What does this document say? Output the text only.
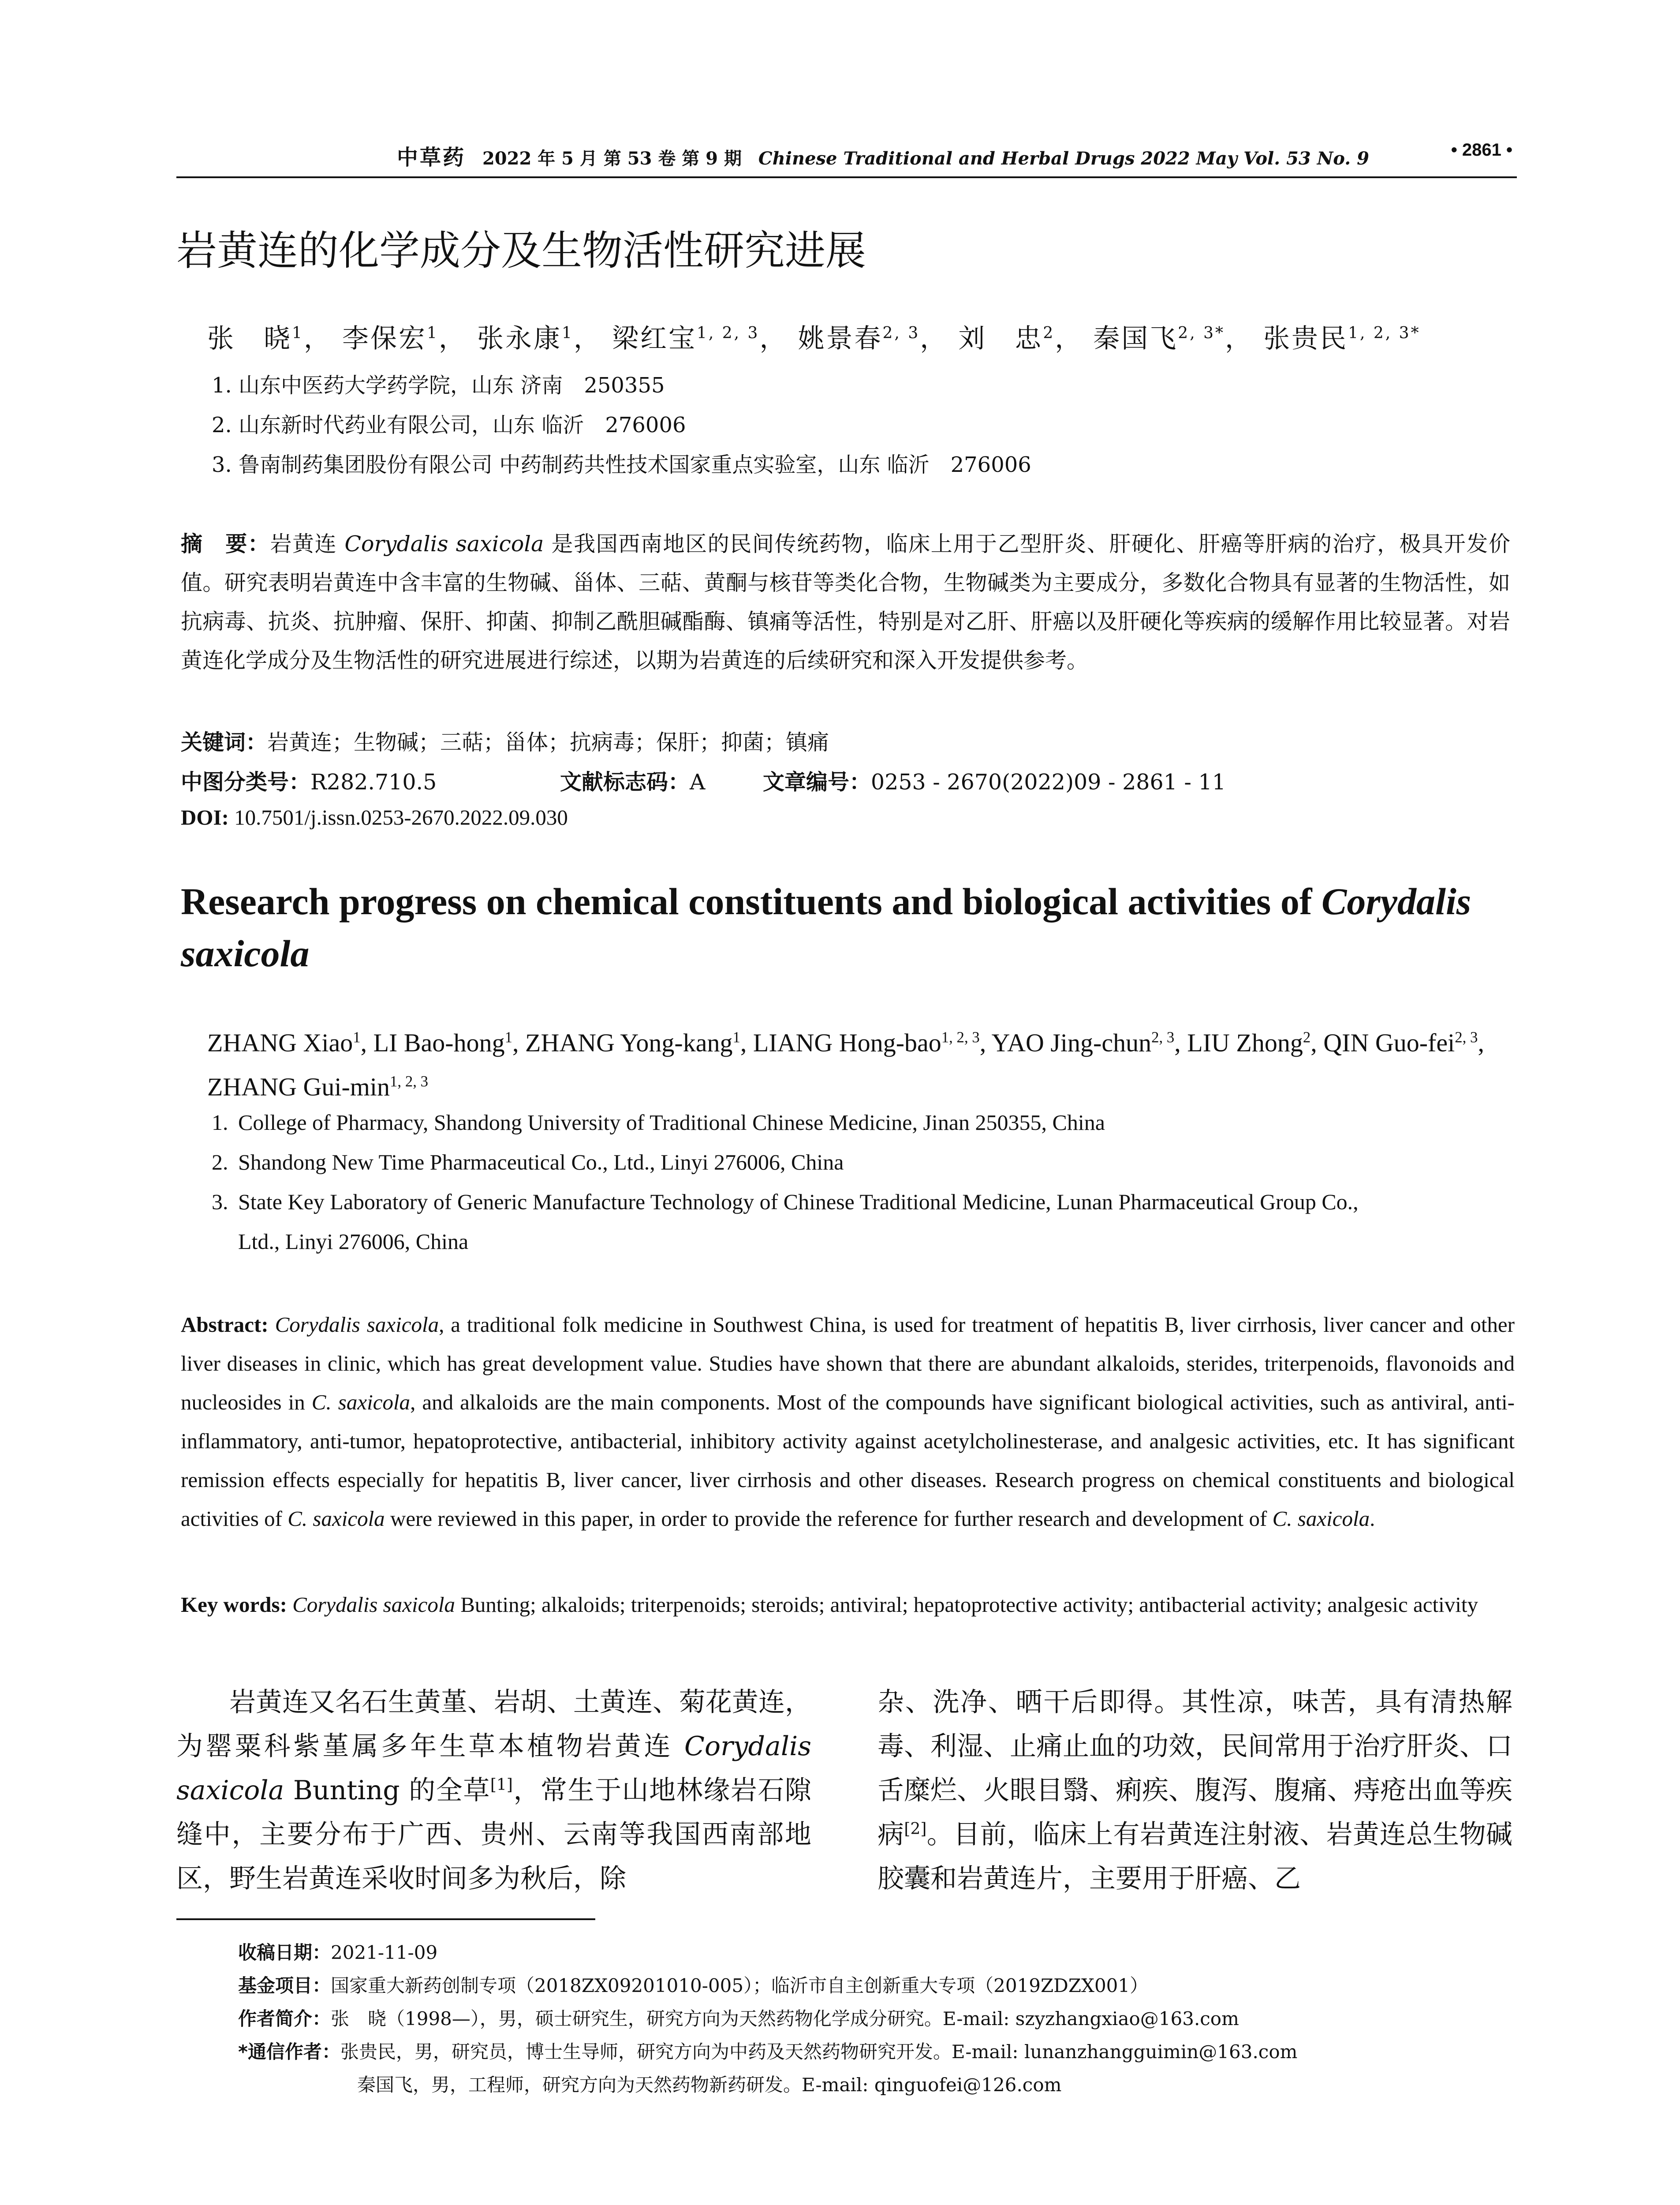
中草药 2022 年 5 月 第 53 卷 第 9 期 Chinese Traditional and Herbal Drugs 2022 May Vol. 53 No. 9	• 2861 •
岩黄连的化学成分及生物活性研究进展
张　晓$^1$， 李保宏$^1$， 张永康$^1$， 梁红宝$^{1, 2, 3}$， 姚景春$^{2, 3}$， 刘　忠$^2$， 秦国飞$^{2, 3*}$， 张贵民$^{1, 2, 3*}$
1. 山东中医药大学药学院，山东 济南　250355
2. 山东新时代药业有限公司，山东 临沂　276006
3. 鲁南制药集团股份有限公司 中药制药共性技术国家重点实验室，山东 临沂　276006
摘　要：岩黄连 Corydalis saxicola 是我国西南地区的民间传统药物，临床上用于乙型肝炎、肝硬化、肝癌等肝病的治疗，极具开发价值。研究表明岩黄连中含丰富的生物碱、甾体、三萜、黄酮与核苷等类化合物，生物碱类为主要成分，多数化合物具有显著的生物活性，如抗病毒、抗炎、抗肿瘤、保肝、抑菌、抑制乙酰胆碱酯酶、镇痛等活性，特别是对乙肝、肝癌以及肝硬化等疾病的缓解作用比较显著。对岩黄连化学成分及生物活性的研究进展进行综述，以期为岩黄连的后续研究和深入开发提供参考。
关键词：岩黄连；生物碱；三萜；甾体；抗病毒；保肝；抑菌；镇痛
中图分类号：R282.710.5	文献标志码：A	文章编号：0253 - 2670(2022)09 - 2861 - 11
DOI: 10.7501/j.issn.0253-2670.2022.09.030
Research progress on chemical constituents and biological activities of Corydalis saxicola
ZHANG Xiao$^1$, LI Bao-hong$^1$, ZHANG Yong-kang$^1$, LIANG Hong-bao$^{1, 2, 3}$, YAO Jing-chun$^{2, 3}$, LIU Zhong$^2$, QIN Guo-fei$^{2, 3}$, ZHANG Gui-$\min^{1, 2, 3}$
1. College of Pharmacy, Shandong University of Traditional Chinese Medicine, Jinan 250355, China
2. Shandong New Time Pharmaceutical Co., Ltd., Linyi 276006, China
3. State Key Laboratory of Generic Manufacture Technology of Chinese Traditional Medicine, Lunan Pharmaceutical Group Co.,
Ltd., Linyi 276006, China
Abstract: Corydalis saxicola, a traditional folk medicine in Southwest China, is used for treatment of hepatitis B, liver cirrhosis, liver cancer and other liver diseases in clinic, which has great development value. Studies have shown that there are abundant alkaloids, sterides, triterpenoids, flavonoids and nucleosides in C. saxicola, and alkaloids are the main components. Most of the compounds have significant biological activities, such as antiviral, anti-inflammatory, anti-tumor, hepatoprotective, antibacterial, inhibitory activity against acetylcholinesterase, and analgesic activities, etc. It has significant remission effects especially for hepatitis B, liver cancer, liver cirrhosis and other diseases. Research progress on chemical constituents and biological activities of C. saxicola were reviewed in this paper, in order to provide the reference for further research and development of C. saxicola.
Key words: Corydalis saxicola Bunting; alkaloids; triterpenoids; steroids; antiviral; hepatoprotective activity; antibacterial activity; analgesic activity

岩黄连又名石生黄堇、岩胡、土黄连、菊花黄连，为罂粟科紫堇属多年生草本植物岩黄连 Corydalis saxicola Bunting 的全草[1]，常生于山地林缘岩石隙缝中，主要分布于广西、贵州、云南等我国西南部地区，野生岩黄连采收时间多为秋后，除

杂、洗净、晒干后即得。其性凉，味苦，具有清热解毒、利湿、止痛止血的功效，民间常用于治疗肝炎、口舌糜烂、火眼目翳、痢疾、腹泻、腹痛、痔疮出血等疾病[2]。目前，临床上有岩黄连注射液、岩黄连总生物碱胶囊和岩黄连片，主要用于肝癌、乙

收稿日期：2021-11-09
基金项目：国家重大新药创制专项（2018ZX09201010-005）；临沂市自主创新重大专项（2019ZDZX001）
作者简介：张　晓（1998—），男，硕士研究生，研究方向为天然药物化学成分研究。E-mail: szyzhangxiao@163.com
*通信作者：张贵民，男，研究员，博士生导师，研究方向为中药及天然药物研究开发。E-mail: lunanzhangguimin@163.com
秦国飞，男，工程师，研究方向为天然药物新药研发。E-mail: qinguofei@126.com
